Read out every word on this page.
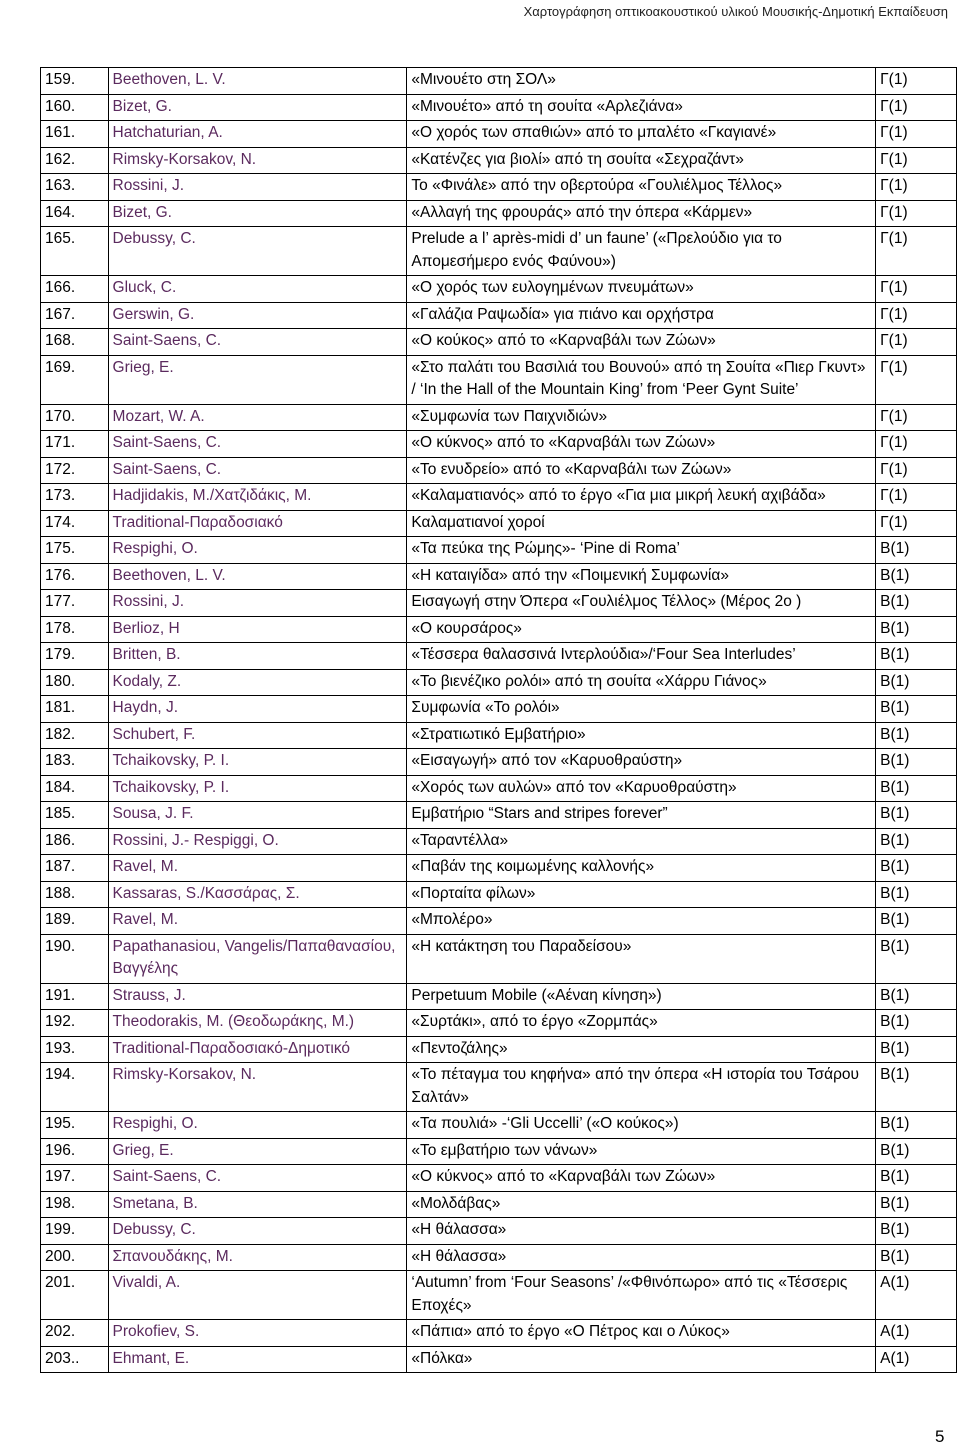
Χαρτογράφηση οπτικοακουστικού υλικού Μουσικής-Δημοτική Εκπαίδευση
159.	Beethoven, L. V.	«Μινουέτο στη ΣΟΛ»	Γ(1)
160.	Bizet, G.	«Μινουέτο» από τη σουίτα «Αρλεζιάνα»	Γ(1)
161.	Hatchaturian, A.	«Ο χορός των σπαθιών» από το μπαλέτο «Γκαγιανέ»	Γ(1)
162.	Rimsky-Korsakov, N.	«Κατένζες για βιολί» από τη σουίτα «Σεχραζάντ»	Γ(1)
163.	Rossini, J.	Το «Φινάλε» από την οβερτούρα «Γουλιέλμος Τέλλος»	Γ(1)
164.	Bizet, G.	«Αλλαγή της φρουράς» από την όπερα «Κάρμεν»	Γ(1)
165.	Debussy, C.	Prelude a l’ après-midi d’ un faune’ («Πρελούδιο για το Απομεσήμερο ενός Φαύνου»)	Γ(1)
166.	Gluck, C.	«Ο χορός των ευλογημένων πνευμάτων»	Γ(1)
167.	Gerswin, G.	«Γαλάζια Ραψωδία» για πιάνο και ορχήστρα	Γ(1)
168.	Saint-Saens, C.	«Ο κούκος» από το «Καρναβάλι των Ζώων»	Γ(1)
169.	Grieg, E.	«Στο παλάτι του Βασιλιά του Βουνού» από τη Σουίτα «Πιερ Γκυντ» / ‘In the Hall of the Mountain King’ from ‘Peer Gynt Suite’	Γ(1)
170.	Mozart, W. A.	«Συμφωνία των Παιχνιδιών»	Γ(1)
171.	Saint-Saens, C.	«Ο κύκνος» από το «Καρναβάλι των Ζώων»	Γ(1)
172.	Saint-Saens, C.	«Το ενυδρείο» από το «Καρναβάλι των Ζώων»	Γ(1)
173.	Hadjidakis, M./Χατζιδάκις, Μ.	«Καλαματιανός» από το έργο «Για μια μικρή λευκή αχιβάδα»	Γ(1)
174.	Traditional-Παραδοσιακό	Καλαματιανοί χοροί	Γ(1)
175.	Respighi, O.	«Τα πεύκα της Ρώμης»- ‘Pine di Roma’	Β(1)
176.	Beethoven, L. V.	«Η καταιγίδα» από την «Ποιμενική Συμφωνία»	Β(1)
177.	Rossini, J.	Εισαγωγή στην Όπερα «Γουλιέλμος Τέλλος» (Μέρος 2ο )	Β(1)
178.	Berlioz, H	«Ο κουρσάρος»	Β(1)
179.	Britten, B.	«Τέσσερα θαλασσινά Ιντερλούδια»/‘Four Sea Interludes’	Β(1)
180.	Kodaly, Z.	«Το βιενέζικο ρολόι» από τη σουίτα «Χάρρυ Γιάνος»	Β(1)
181.	Haydn, J.	Συμφωνία «Το ρολόι»	Β(1)
182.	Schubert, F.	«Στρατιωτικό Εμβατήριο»	Β(1)
183.	Tchaikovsky, P. I.	«Εισαγωγή» από τον «Καρυοθραύστη»	Β(1)
184.	Tchaikovsky, P. I.	«Χορός των αυλών» από τον «Καρυοθραύστη»	Β(1)
185.	Sousa, J. F.	Εμβατήριο “Stars and stripes forever”	Β(1)
186.	Rossini, J.- Respiggi, O.	«Ταραντέλλα»	Β(1)
187.	Ravel, M.	«Παβάν της κοιμωμένης καλλονής»	Β(1)
188.	Kassaras, S./Κασσάρας, Σ.	«Πορταίτα φίλων»	Β(1)
189.	Ravel, M.	«Μπολέρο»	Β(1)
190.	Papathanasiou, Vangelis/Παπαθανασίου, Βαγγέλης	«Η κατάκτηση του Παραδείσου»	Β(1)
191.	Strauss, J.	Perpetuum Mobile («Αέναη κίνηση»)	Β(1)
192.	Theodorakis, M. (Θεοδωράκης, Μ.)	«Συρτάκι», από το έργο «Ζορμπάς»	Β(1)
193.	Traditional-Παραδοσιακό-Δημοτικό	«Πεντοζάλης»	Β(1)
194.	Rimsky-Korsakov, N.	«Το πέταγμα του κηφήνα» από την όπερα «Η ιστορία του Τσάρου Σαλτάν»	Β(1)
195.	Respighi, O.	«Τα πουλιά» -‘Gli Uccelli’ («Ο κούκος»)	Β(1)
196.	Grieg, E.	«Το εμβατήριο των νάνων»	Β(1)
197.	Saint-Saens, C.	«Ο κύκνος» από το «Καρναβάλι των Ζώων»	Β(1)
198.	Smetana, B.	«Μολδάβας»	Β(1)
199.	Debussy, C.	«Η θάλασσα»	Β(1)
200.	Σπανουδάκης, Μ.	«Η θάλασσα»	Β(1)
201.	Vivaldi, A.	‘Autumn’ from ‘Four Seasons’ /«Φθινόπωρο» από τις «Τέσσερις Εποχές»	Α(1)
202.	Prokofiev, S.	«Πάπια» από το έργο «Ο Πέτρος και ο Λύκος»	Α(1)
203..	Ehmant, E.	«Πόλκα»	Α(1)
5
